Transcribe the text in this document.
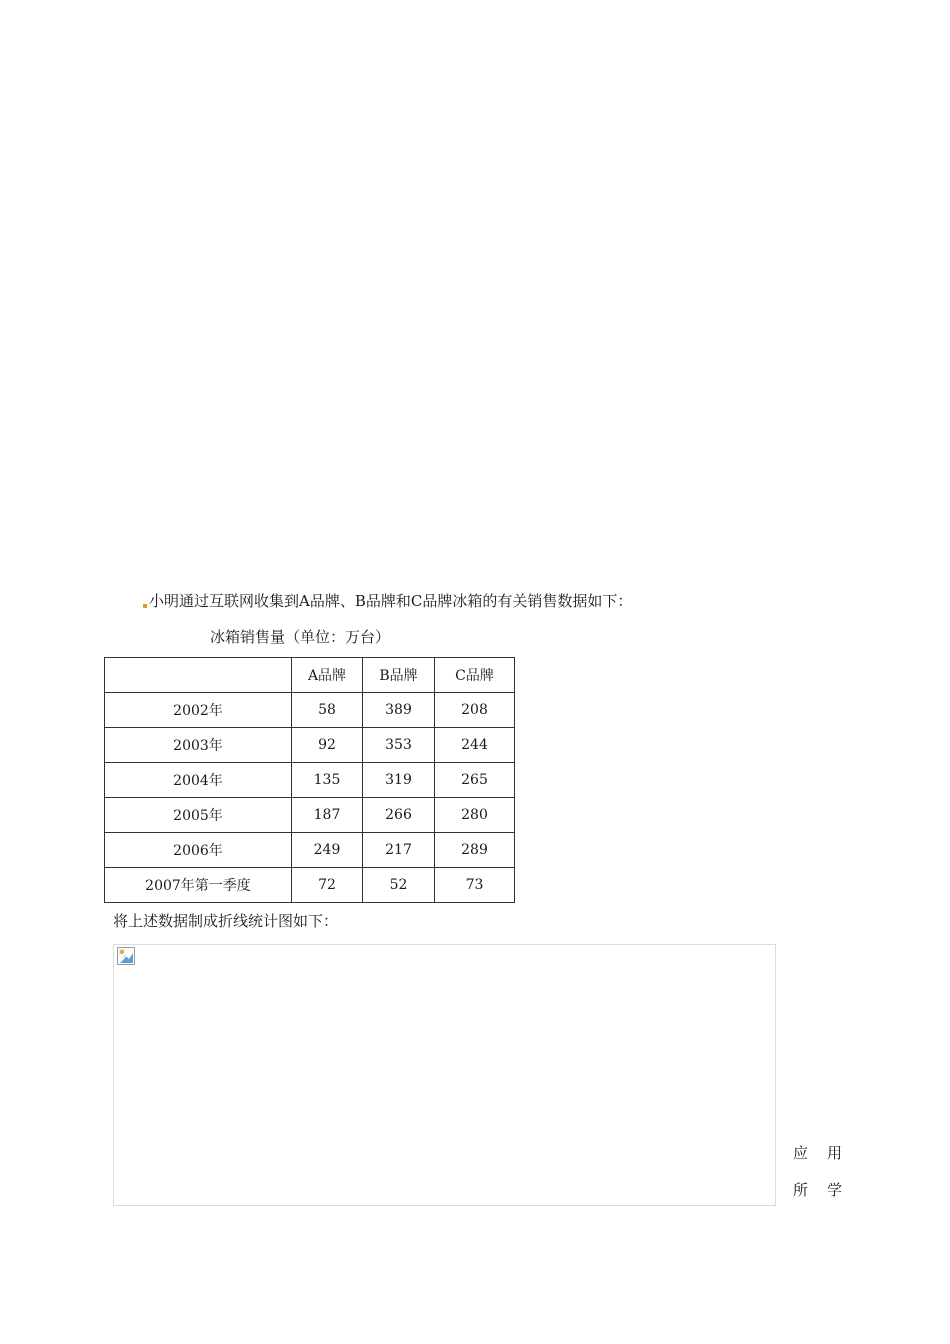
小明通过互联网收集到A品牌、B品牌和C品牌冰箱的有关销售数据如下：
冰箱销售量（单位：万台）
	A品牌	B品牌	C品牌
2002年	58	389	208
2003年	92	353	244
2004年	135	319	265
2005年	187	266	280
2006年	249	217	289
2007年第一季度	72	52	73
将上述数据制成折线统计图如下：
应用
所学
